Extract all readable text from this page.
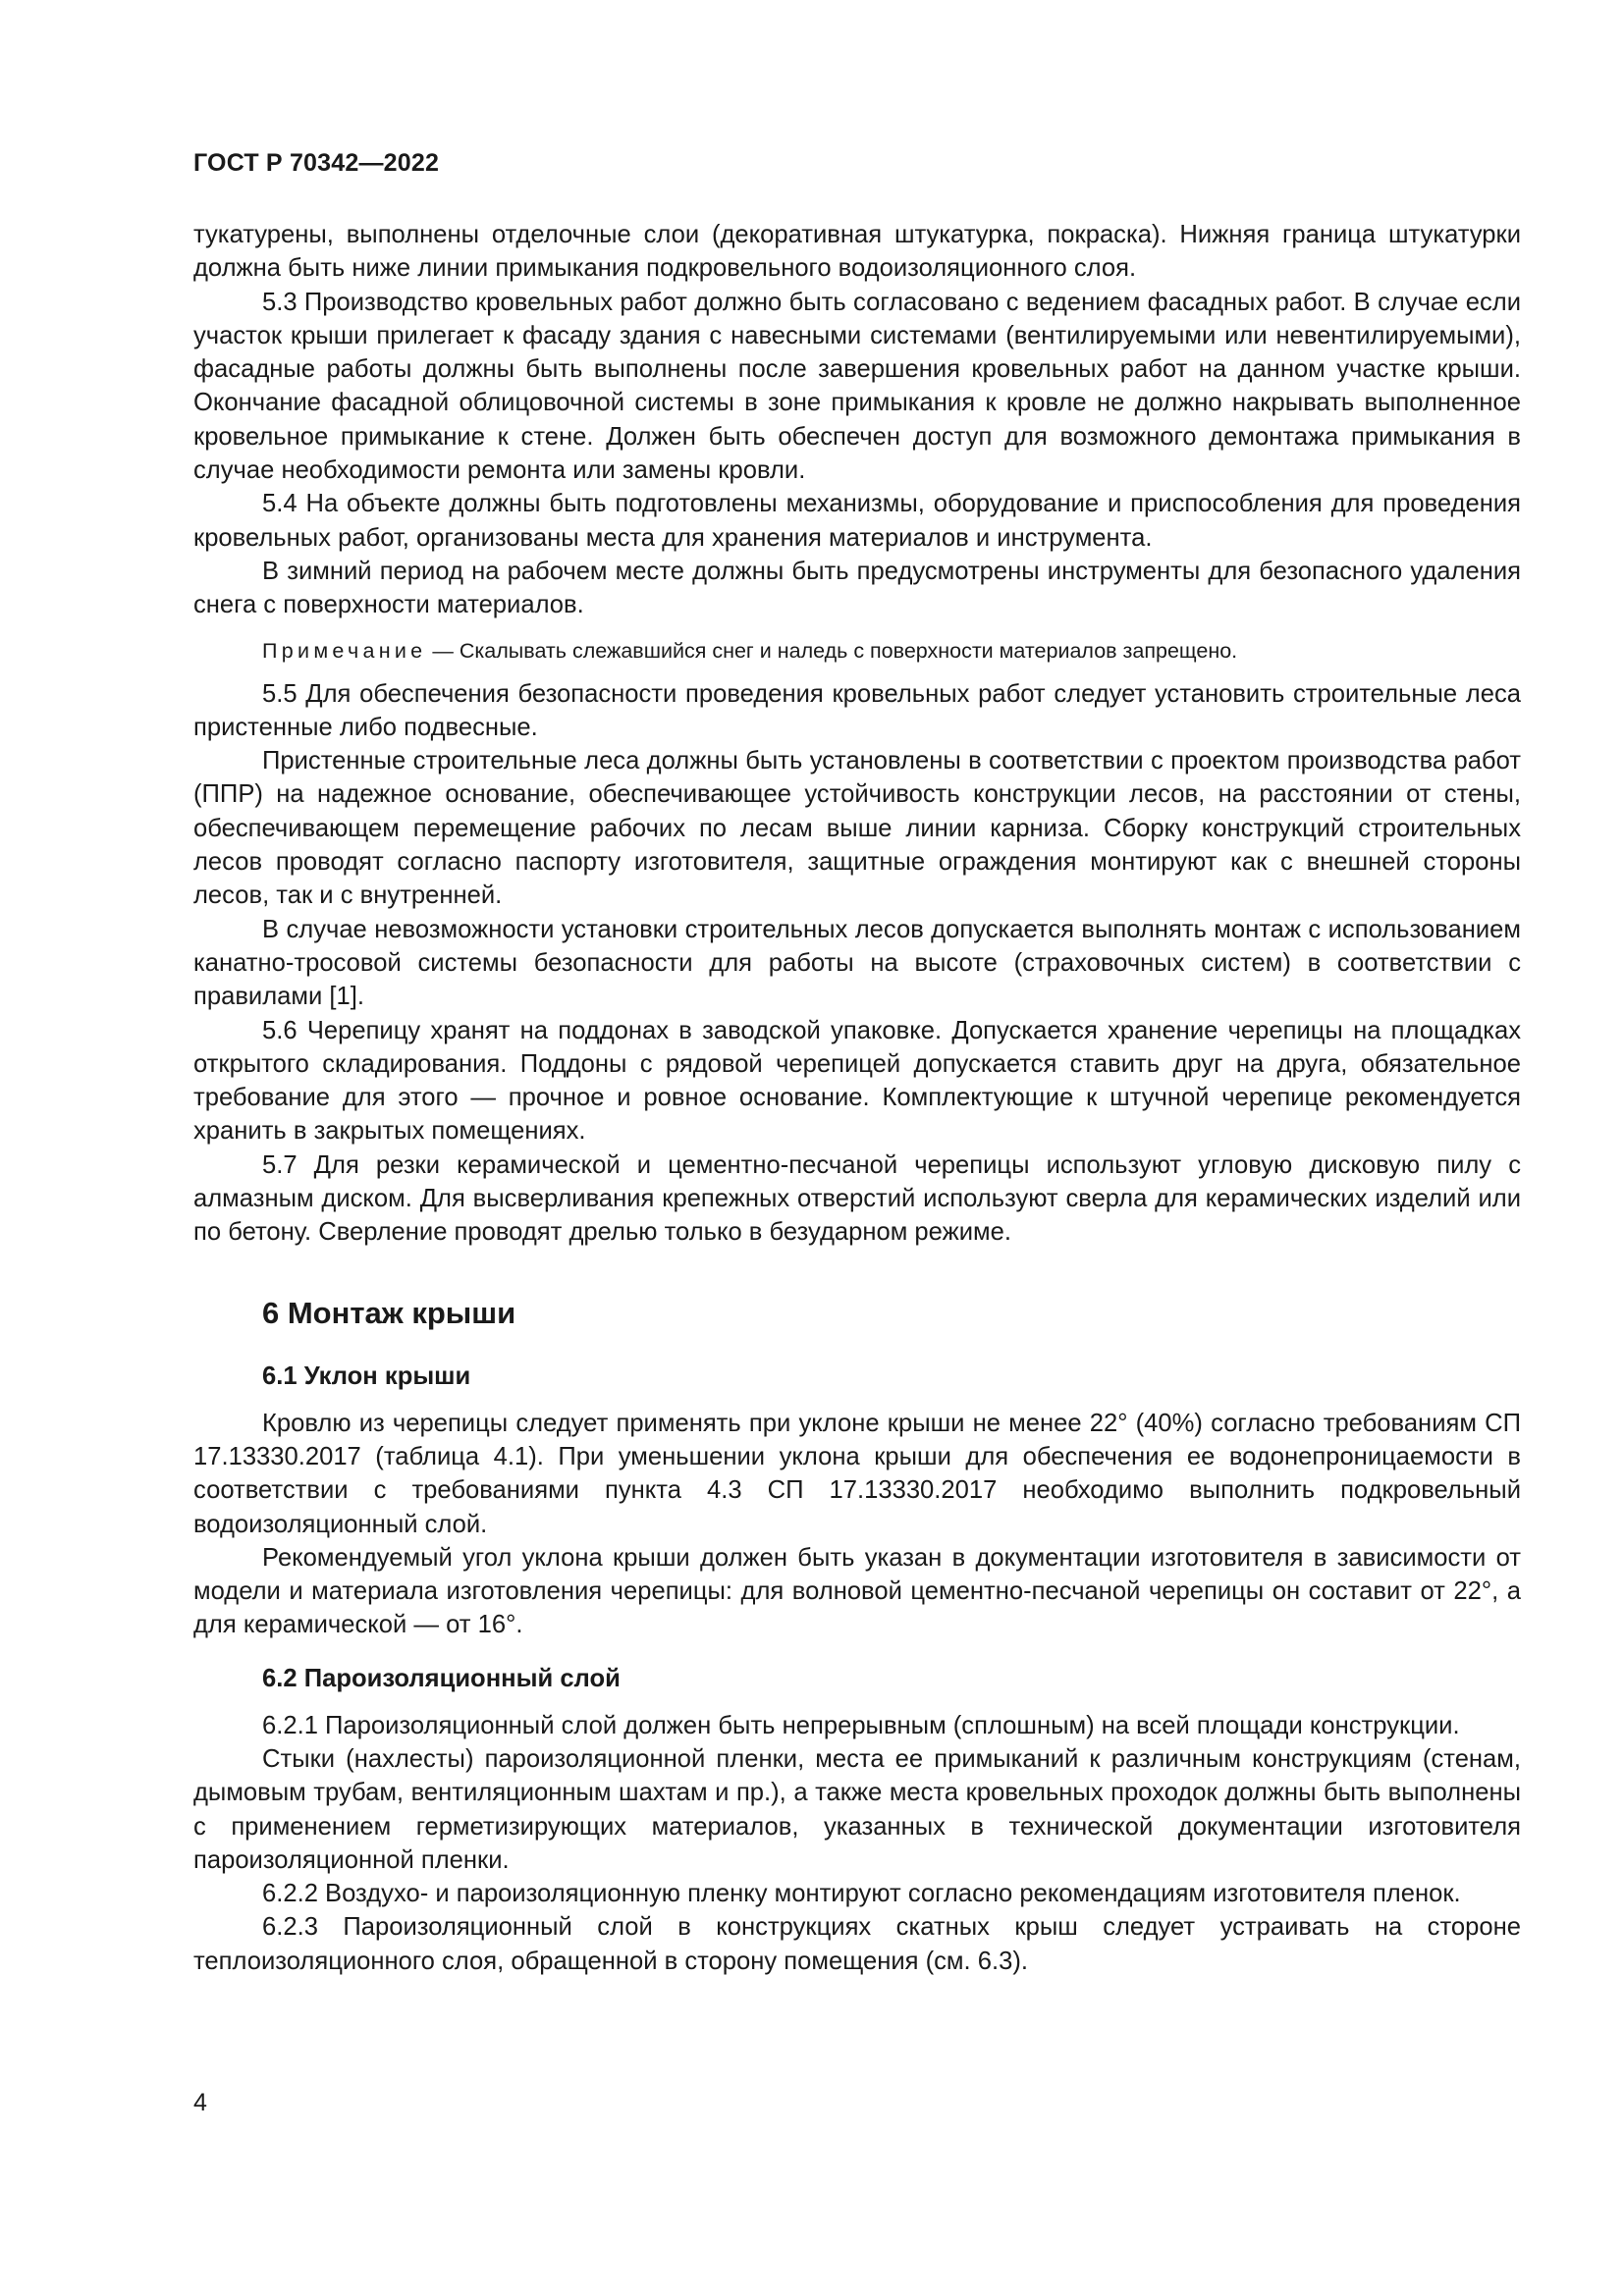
ГОСТ Р 70342—2022

тукатурены, выполнены отделочные слои (декоративная штукатурка, покраска). Нижняя граница штукатурки должна быть ниже линии примыкания подкровельного водоизоляционного слоя.

5.3 Производство кровельных работ должно быть согласовано с ведением фасадных работ. В случае если участок крыши прилегает к фасаду здания с навесными системами (вентилируемыми или невентилируемыми), фасадные работы должны быть выполнены после завершения кровельных работ на данном участке крыши. Окончание фасадной облицовочной системы в зоне примыкания к кровле не должно накрывать выполненное кровельное примыкание к стене. Должен быть обеспечен доступ для возможного демонтажа примыкания в случае необходимости ремонта или замены кровли.

5.4 На объекте должны быть подготовлены механизмы, оборудование и приспособления для проведения кровельных работ, организованы места для хранения материалов и инструмента.

В зимний период на рабочем месте должны быть предусмотрены инструменты для безопасного удаления снега с поверхности материалов.

Примечание — Скалывать слежавшийся снег и наледь с поверхности материалов запрещено.

5.5 Для обеспечения безопасности проведения кровельных работ следует установить строительные леса пристенные либо подвесные.

Пристенные строительные леса должны быть установлены в соответствии с проектом производства работ (ППР) на надежное основание, обеспечивающее устойчивость конструкции лесов, на расстоянии от стены, обеспечивающем перемещение рабочих по лесам выше линии карниза. Сборку конструкций строительных лесов проводят согласно паспорту изготовителя, защитные ограждения монтируют как с внешней стороны лесов, так и с внутренней.

В случае невозможности установки строительных лесов допускается выполнять монтаж с использованием канатно-тросовой системы безопасности для работы на высоте (страховочных систем) в соответствии с правилами [1].

5.6 Черепицу хранят на поддонах в заводской упаковке. Допускается хранение черепицы на площадках открытого складирования. Поддоны с рядовой черепицей допускается ставить друг на друга, обязательное требование для этого — прочное и ровное основание. Комплектующие к штучной черепице рекомендуется хранить в закрытых помещениях.

5.7 Для резки керамической и цементно-песчаной черепицы используют угловую дисковую пилу с алмазным диском. Для высверливания крепежных отверстий используют сверла для керамических изделий или по бетону. Сверление проводят дрелью только в безударном режиме.

6 Монтаж крыши
6.1 Уклон крыши

Кровлю из черепицы следует применять при уклоне крыши не менее 22° (40%) согласно требованиям СП 17.13330.2017 (таблица 4.1). При уменьшении уклона крыши для обеспечения ее водонепроницаемости в соответствии с требованиями пункта 4.3 СП 17.13330.2017 необходимо выполнить подкровельный водоизоляционный слой.

Рекомендуемый угол уклона крыши должен быть указан в документации изготовителя в зависимости от модели и материала изготовления черепицы: для волновой цементно-песчаной черепицы он составит от 22°, а для керамической — от 16°.

6.2 Пароизоляционный слой

6.2.1 Пароизоляционный слой должен быть непрерывным (сплошным) на всей площади конструкции.

Стыки (нахлесты) пароизоляционной пленки, места ее примыканий к различным конструкциям (стенам, дымовым трубам, вентиляционным шахтам и пр.), а также места кровельных проходок должны быть выполнены с применением герметизирующих материалов, указанных в технической документации изготовителя пароизоляционной пленки.

6.2.2 Воздухо- и пароизоляционную пленку монтируют согласно рекомендациям изготовителя пленок.

6.2.3 Пароизоляционный слой в конструкциях скатных крыш следует устраивать на стороне теплоизоляционного слоя, обращенной в сторону помещения (см. 6.3).

4
